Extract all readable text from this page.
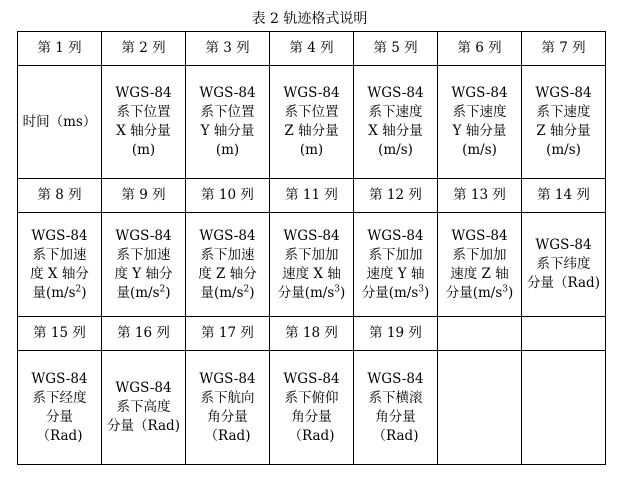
表 2 轨迹格式说明
第 1 列	第 2 列	第 3 列	第 4 列	第 5 列	第 6 列	第 7 列

时间（ms）	WGS-84
系下位置
X 轴分量
(m)	WGS-84
系下位置
Y 轴分量
(m)	WGS-84
系下位置
Z 轴分量
(m)	WGS-84
系下速度
X 轴分量
(m/s)	WGS-84
系下速度
Y 轴分量
(m/s)	WGS-84
系下速度
Z 轴分量
(m/s)

第 8 列	第 9 列	第 10 列	第 11 列	第 12 列	第 13 列	第 14 列

WGS-84
系下加速
度 X 轴分
量$(m/s^2)$	WGS-84
系下加速
度 Y 轴分
量$(m/s^2)$	WGS-84
系下加速
度 Z 轴分
量$(m/s^2)$	WGS-84
系下加加
速度 X 轴
分量$(m/s^3)$	WGS-84
系下加加
速度 Y 轴
分量$(m/s^3)$	WGS-84
系下加加
速度 Z 轴
分量$(m/s^3)$	WGS-84
系下纬度
分量（Rad)

第 15 列	第 16 列	第 17 列	第 18 列	第 19 列		

WGS-84
系下经度
分量
（Rad)	WGS-84
系下高度
分量（Rad)	WGS-84
系下航向
角分量
（Rad)	WGS-84
系下俯仰
角分量
（Rad)	WGS-84
系下横滚
角分量
（Rad)		
